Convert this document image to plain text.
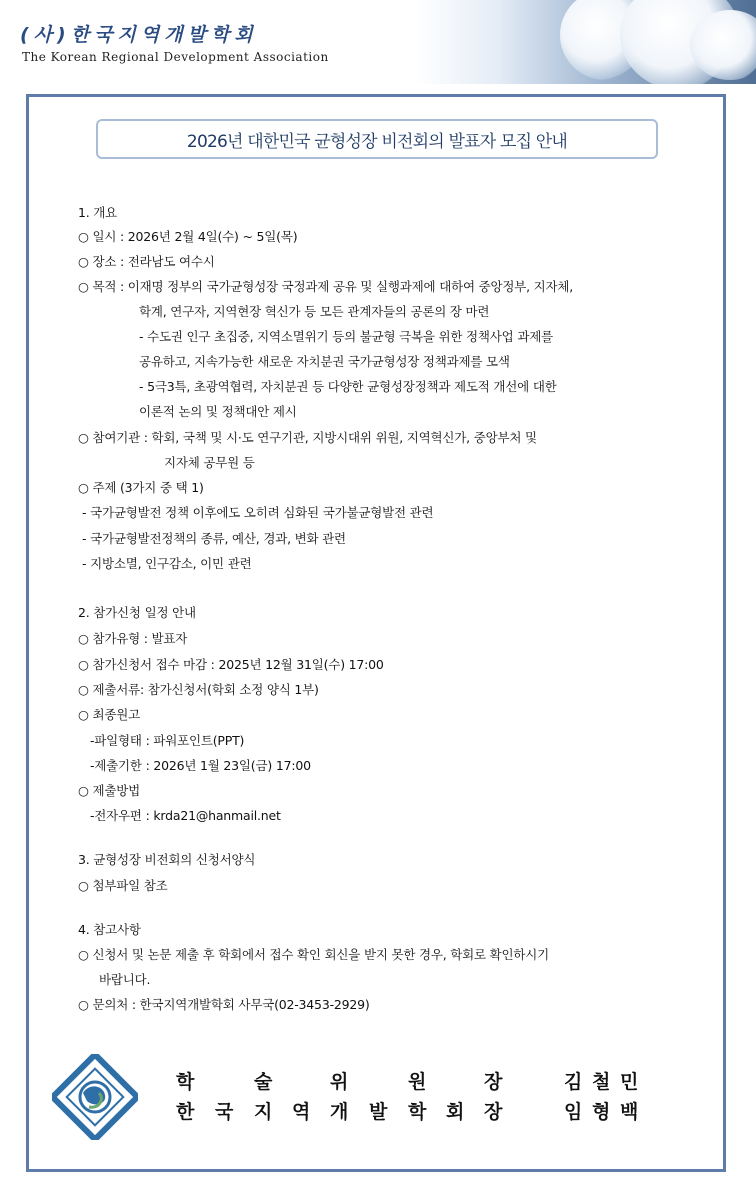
(사)한국지역개발학회
The Korean Regional Development Association
2026년 대한민국 균형성장 비전회의 발표자 모집 안내
1. 개요
○ 일시 : 2026년 2월 4일(수) ~ 5일(목)
○ 장소 : 전라남도 여수시
○ 목적 : 이재명 정부의 국가균형성장 국정과제 공유 및 실행과제에 대하여 중앙정부, 지자체,
학계, 연구자, 지역현장 혁신가 등 모든 관계자들의 공론의 장 마련
- 수도권 인구 초집중, 지역소멸위기 등의 불균형 극복을 위한 정책사업 과제를
공유하고, 지속가능한 새로운 자치분권 국가균형성장 정책과제를 모색
- 5극3특, 초광역협력, 자치분권 등 다양한 균형성장정책과 제도적 개선에 대한
이론적 논의 및 정책대안 제시
○ 참여기관 : 학회, 국책 및 시·도 연구기관, 지방시대위 위원, 지역혁신가, 중앙부처 및
지자체 공무원 등
○ 주제 (3가지 중 택 1)
- 국가균형발전 정책 이후에도 오히려 심화된 국가불균형발전 관련
- 국가균형발전정책의 종류, 예산, 경과, 변화 관련
- 지방소멸, 인구감소, 이민 관련
2. 참가신청 일정 안내
○ 참가유형 : 발표자
○ 참가신청서 접수 마감 : 2025년 12월 31일(수) 17:00
○ 제출서류: 참가신청서(학회 소정 양식 1부)
○ 최종원고
-파일형태 : 파워포인트(PPT)
-제출기한 : 2026년 1월 23일(금) 17:00
○ 제출방법
-전자우편 : krda21@hanmail.net
3. 균형성장 비전회의 신청서양식
○ 첨부파일 참조
4. 참고사항
○ 신청서 및 논문 제출 후 학회에서 접수 확인 회신을 받지 못한 경우, 학회로 확인하시기
바랍니다.
○ 문의처 : 한국지역개발학회 사무국(02-3453-2929)
학	술	위	원	장	김 철 민
한 국 지 역 개 발 학 회 장	임 형 백
